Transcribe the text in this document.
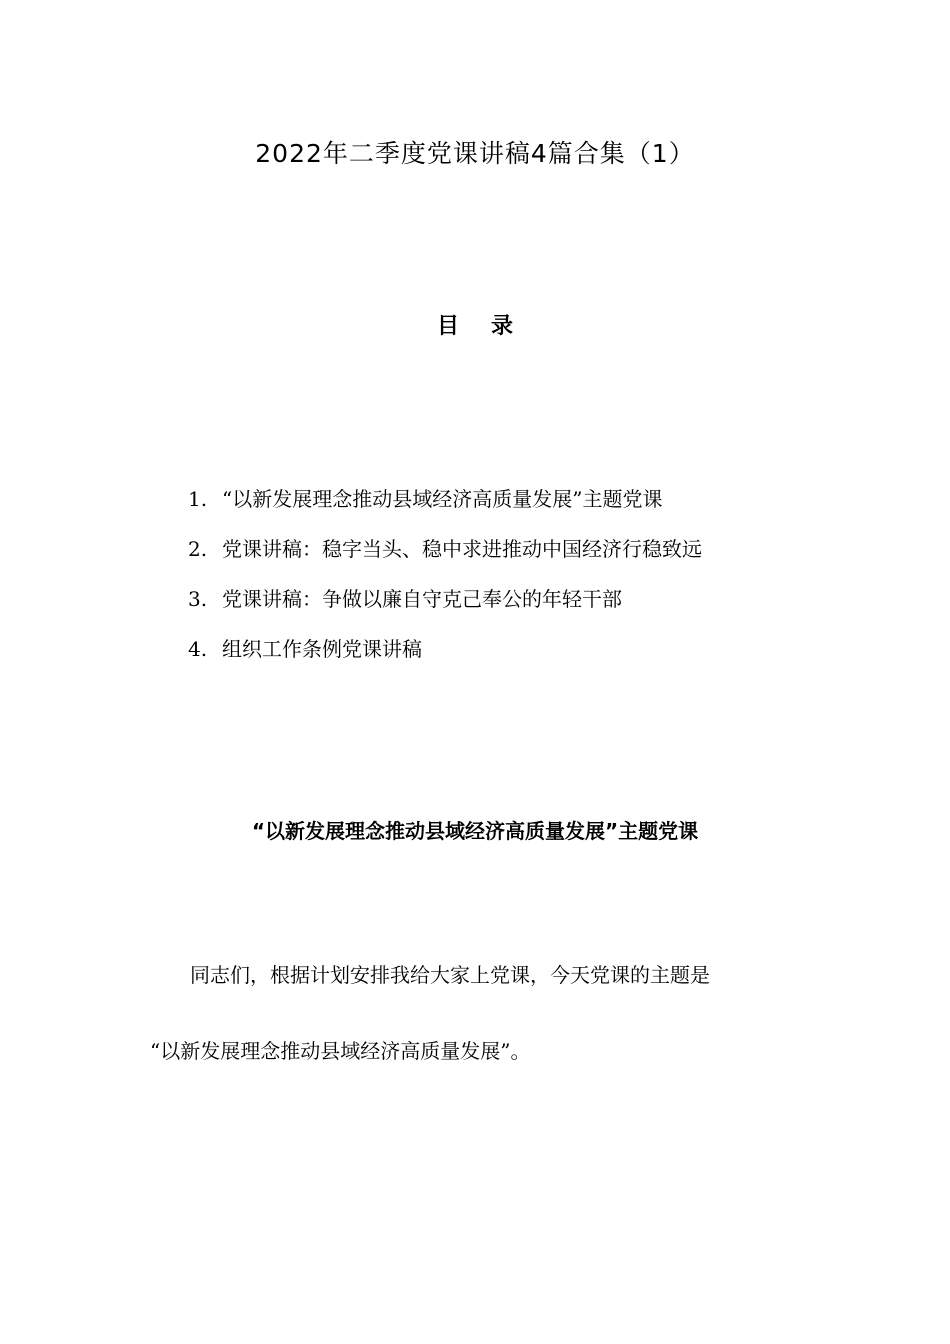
2022年二季度党课讲稿4篇合集（1）
目 录
1. “以新发展理念推动县域经济高质量发展”主题党课
2. 党课讲稿：稳字当头、稳中求进推动中国经济行稳致远
3. 党课讲稿：争做以廉自守克己奉公的年轻干部
4. 组织工作条例党课讲稿
“以新发展理念推动县域经济高质量发展”主题党课
同志们，根据计划安排我给大家上党课，今天党课的主题是
“以新发展理念推动县域经济高质量发展”。
